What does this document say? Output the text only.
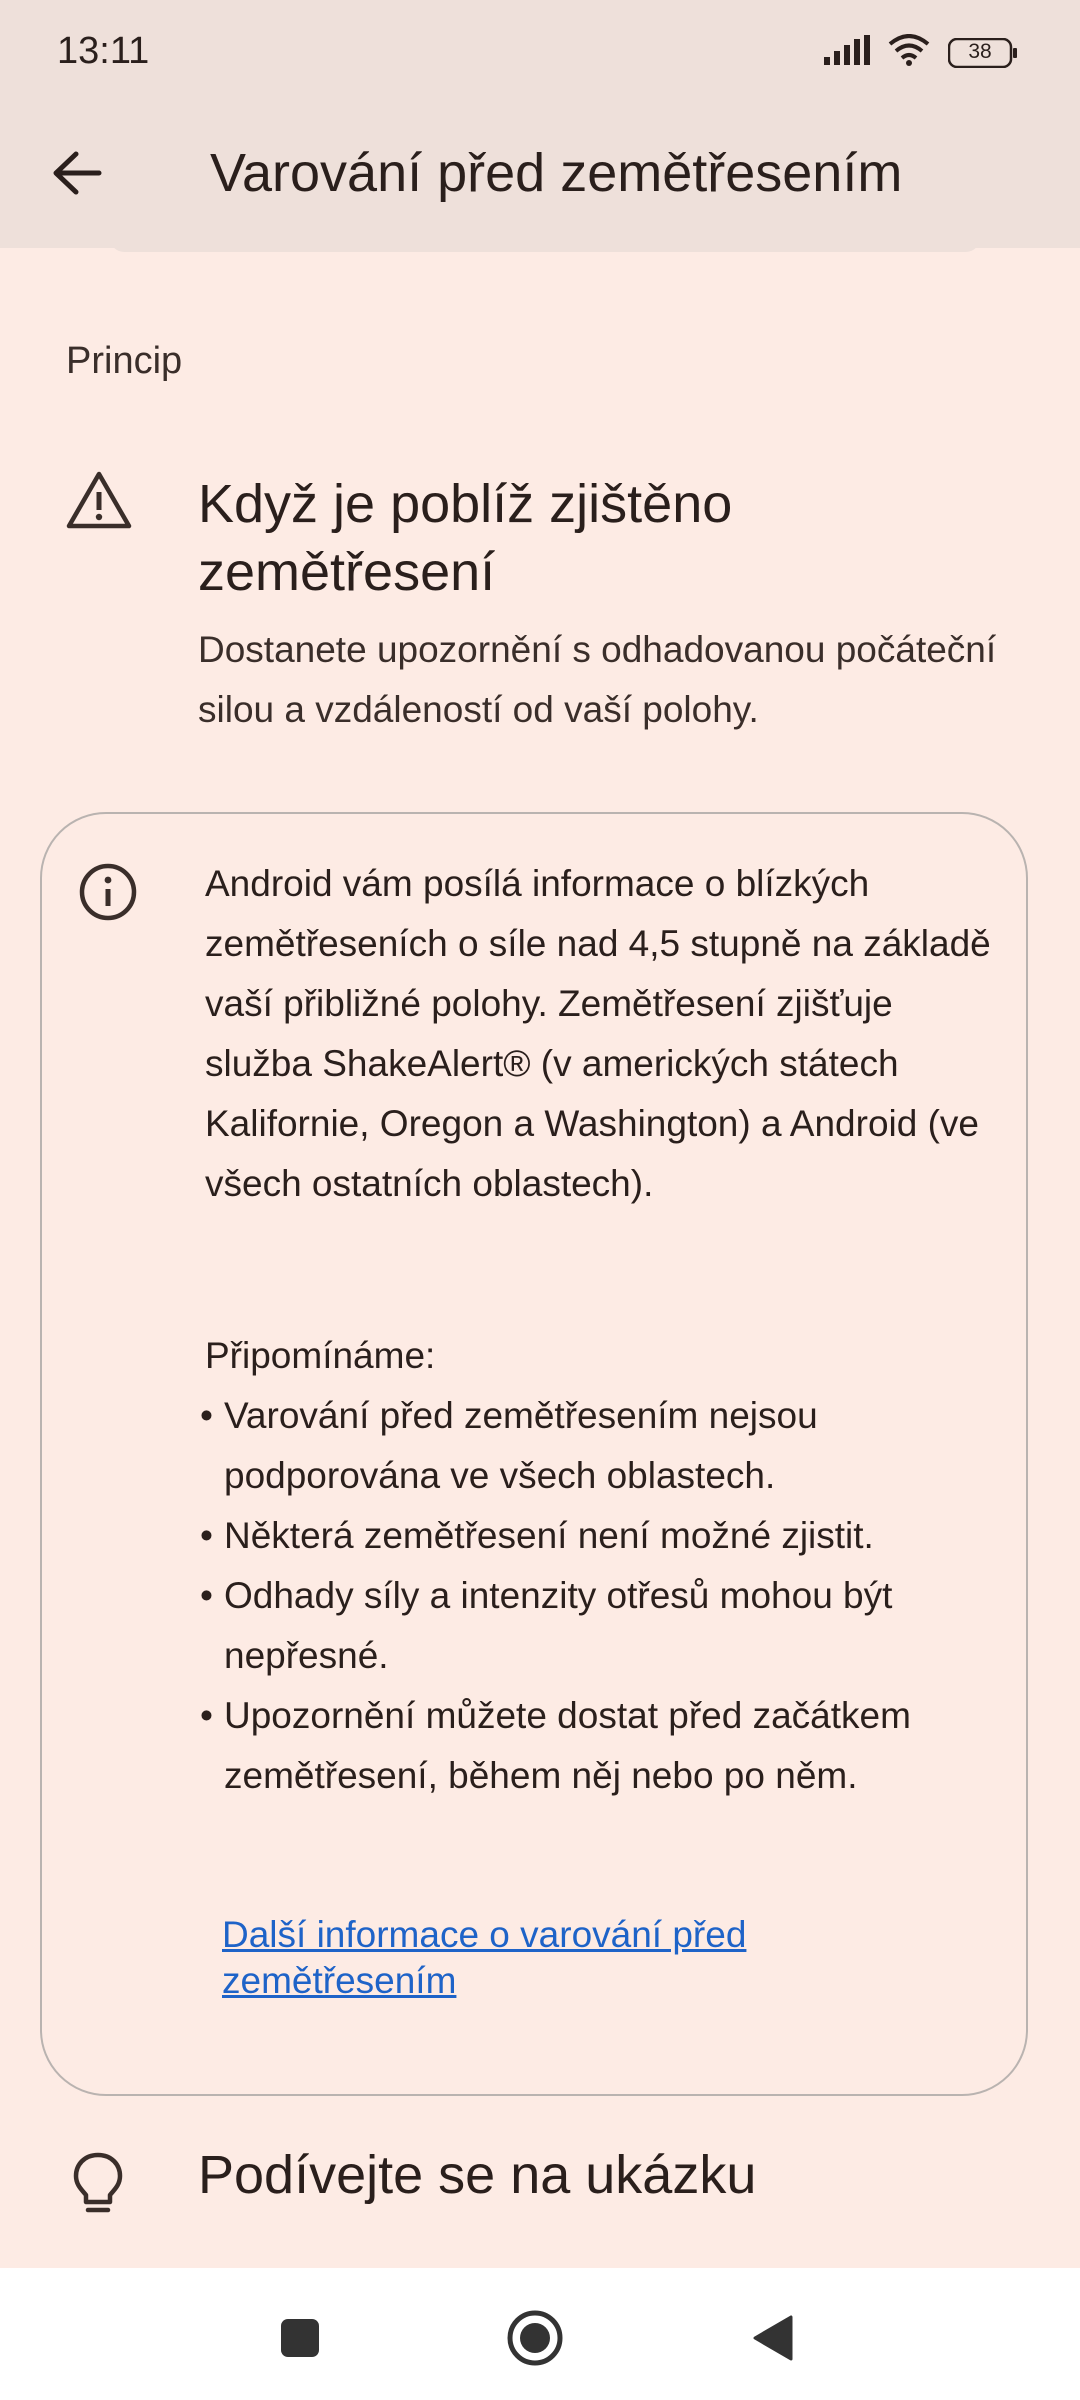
13:11	38
Varování před zemětřesením
Princip
Když je poblíž zjištěno zemětřesení
Dostanete upozornění s odhadovanou počáteční silou a vzdáleností od vaší polohy.
Android vám posílá informace o blízkých zemětřeseních o síle nad 4,5 stupně na základě vaší přibližné polohy. Zemětřesení zjišťuje služba ShakeAlert® (v amerických státech Kalifornie, Oregon a Washington) a Android (ve všech ostatních oblastech).
Připomínáme:
• Varování před zemětřesením nejsou podporována ve všech oblastech.
• Některá zemětřesení není možné zjistit.
• Odhady síly a intenzity otřesů mohou být nepřesné.
• Upozornění můžete dostat před začátkem zemětřesení, během něj nebo po něm.
Další informace o varování před zemětřesením
Podívejte se na ukázku
